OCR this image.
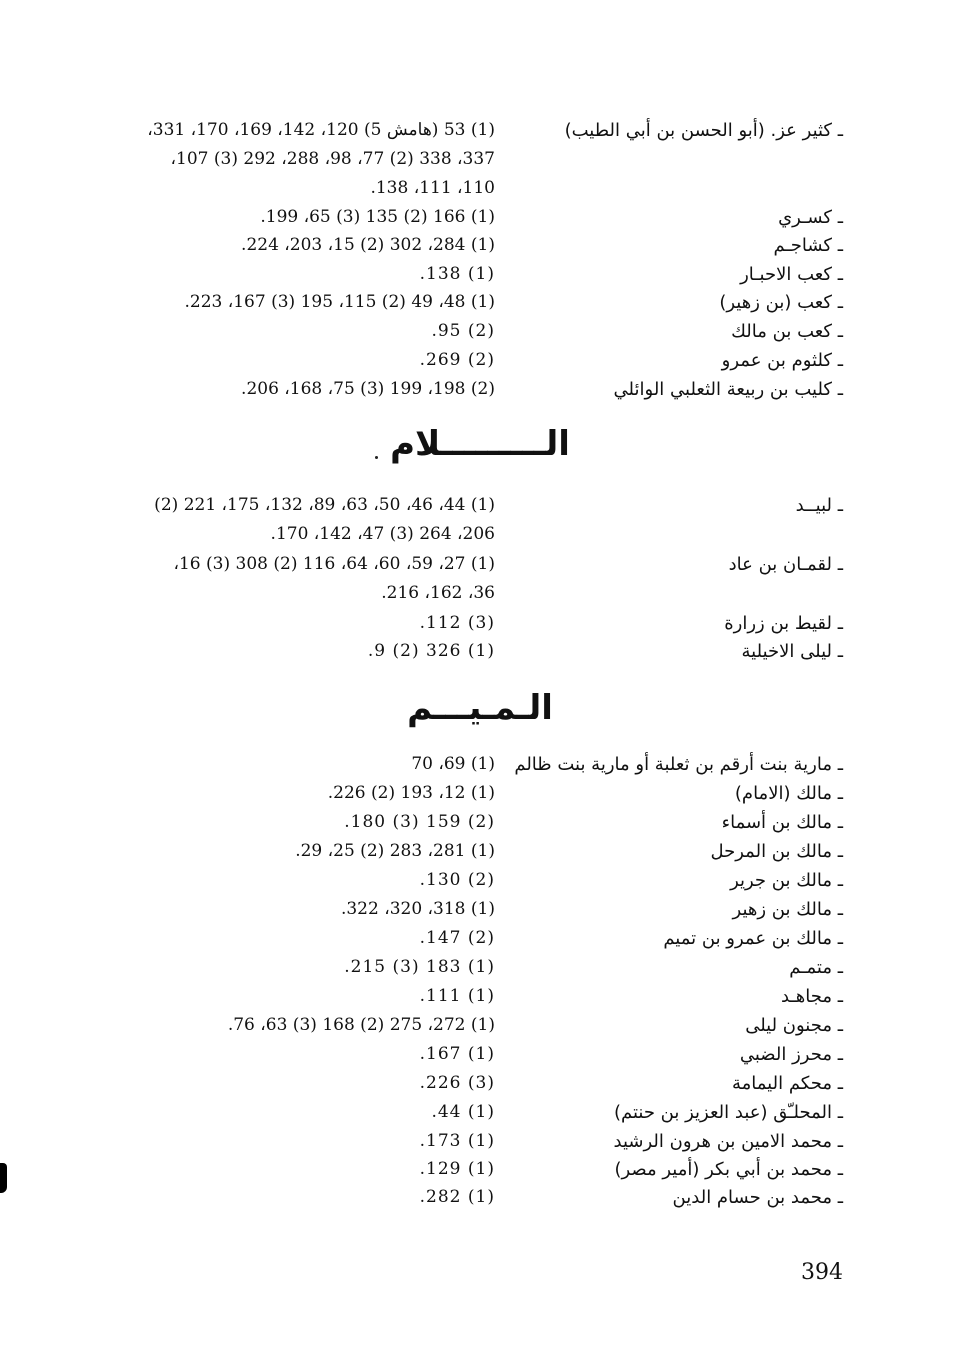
ـ كثير عز. (أبو الحسن بن أبي الطيب)
(1) 53 (هامش 5) 120، 142، 169، 170، 331،
337، 338 (2) 77، 98، 288، 292 (3) 107،
110، 111، 138.
ـ كسـري
(1) 166 (2) 135 (3) 65، 199.
ـ كشاجـم
(1) 284، 302 (2) 15، 203، 224.
ـ كعب الاحبـار
(1) 138.
ـ كعب (بن زهير)
(1) 48، 49 (2) 115، 195 (3) 167، 223.
ـ كعب بن مالك
(2) 95.
ـ كلثوم بن عمرو
(2) 269.
ـ كليب بن ربيعة الثعلبي الوائلي
(2) 198، 199 (3) 75، 168، 206.
الـــــــــلام
ـ لبيــد
(1) 44، 46، 50، 63، 89، 132، 175، 221 (2)
206، 264 (3) 47، 142، 170.
ـ لقمـان بن عاد
(1) 27، 59، 60، 64، 116 (2) 308 (3) 16،
36، 162، 216.
ـ لقيط بن زرارة
(3) 112.
ـ ليلى الاخيلية
(1) 326 (2) 9.
الـمـيـــم
ـ مارية بنت أرقم بن ثعلبة أو مارية بنت ظالم
(1) 69، 70
ـ مالك (الامام)
(1) 12، 193 (2) 226.
ـ مالك بن أسماء
(2) 159 (3) 180.
ـ مالك بن المرحل
(1) 281، 283 (2) 25، 29.
ـ مالك بن جرير
(2) 130.
ـ مالك بن زهير
(1) 318، 320، 322.
ـ مالك بن عمرو بن تميم
(2) 147.
ـ متمـم
(1) 183 (3) 215.
ـ مجاهـد
(1) 111.
ـ مجنون ليلى
(1) 272، 275 (2) 168 (3) 63، 76.
ـ محرز الضبي
(1) 167.
ـ محكم اليمامة
(3) 226.
ـ المحلـّق (عبد العزيز بن حنتم)
(1) 44.
ـ محمد الامين بن هرون الرشيد
(1) 173.
ـ محمد بن أبي بكر (أمير مصر)
(1) 129.
ـ محمد بن حسام الدين
(1) 282.
394
